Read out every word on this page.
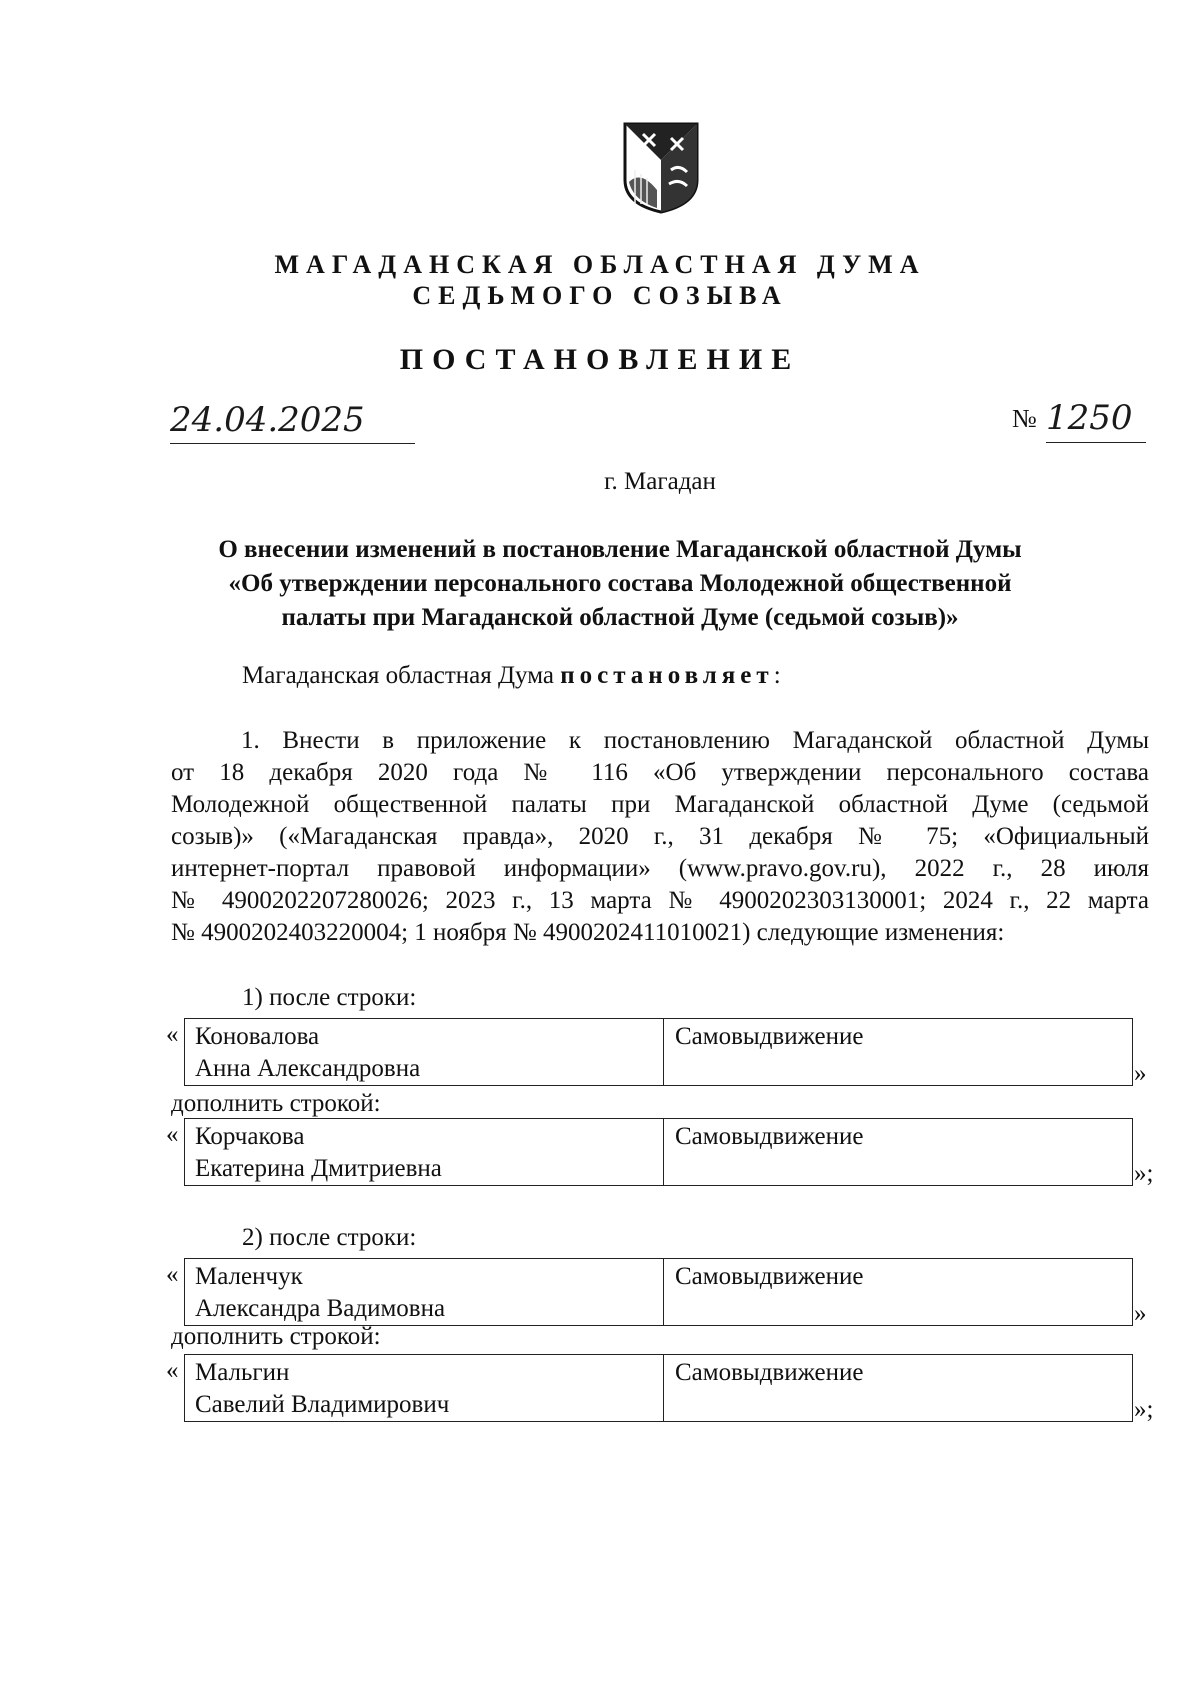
МАГАДАНСКАЯ ОБЛАСТНАЯ ДУМА
СЕДЬМОГО СОЗЫВА
ПОСТАНОВЛЕНИЕ
24.04.2025	№ 1250
г. Магадан
О внесении изменений в постановление Магаданской областной Думы
«Об утверждении персонального состава Молодежной общественной
палаты при Магаданской областной Думе (седьмой созыв)»
Магаданская областная Дума постановляет:
1. Внести в приложение к постановлению Магаданской областной Думы
от 18 декабря 2020 года № 116 «Об утверждении персонального состава
Молодежной общественной палаты при Магаданской областной Думе (седьмой
созыв)» («Магаданская правда», 2020 г., 31 декабря № 75; «Официальный
интернет-портал правовой информации» (www.pravo.gov.ru), 2022 г., 28 июля
№ 4900202207280026; 2023 г., 13 марта № 4900202303130001; 2024 г., 22 марта
№ 4900202403220004; 1 ноября № 4900202411010021) следующие изменения:
1) после строки:
« Коновалова
Анна Александровна
Самовыдвижение
»
дополнить строкой:
« Корчакова
Екатерина Дмитриевна
Самовыдвижение
»;
2) после строки:
« Маленчук
Александра Вадимовна
Самовыдвижение
»
дополнить строкой:
« Мальгин
Савелий Владимирович
Самовыдвижение
»;
